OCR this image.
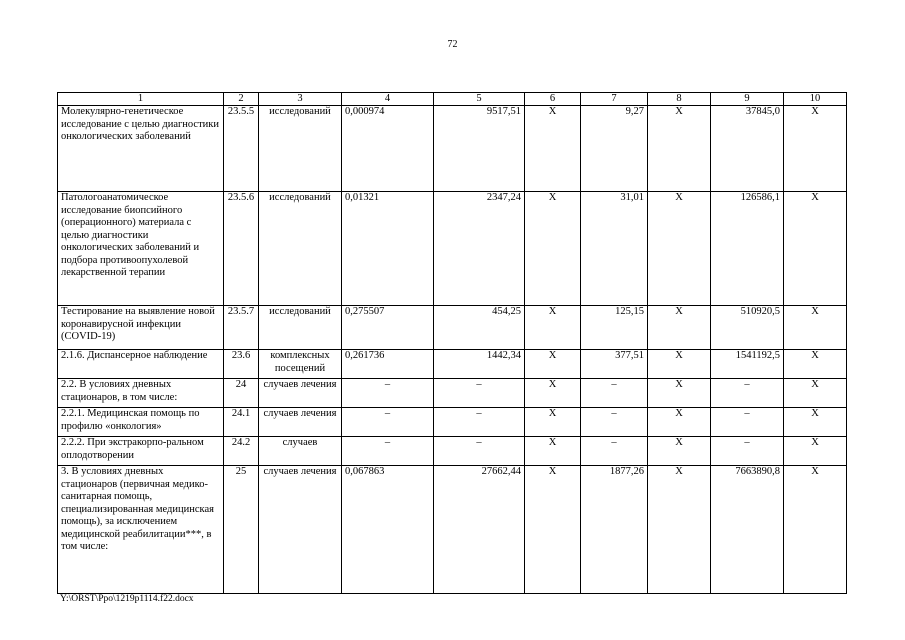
72
1	2	3	4	5	6	7	8	9	10
Молекулярно-генетическое исследование с целью диагностики онкологических заболеваний	23.5.5	исследований	0,000974	9517,51	Х	9,27	Х	37845,0	Х
Патологоанатомическое исследование биопсийного (операционного) материала с целью диагностики онкологических заболеваний и подбора противоопухолевой лекарственной терапии	23.5.6	исследований	0,01321	2347,24	Х	31,01	Х	126586,1	Х
Тестирование на выявление новой коронавирусной инфекции (COVID-19)	23.5.7	исследований	0,275507	454,25	Х	125,15	Х	510920,5	Х
2.1.6. Диспансерное наблюдение	23.6	комплексных посещений	0,261736	1442,34	Х	377,51	Х	1541192,5	Х
2.2. В условиях дневных стационаров, в том числе:	24	случаев лечения	–	–	Х	–	Х	–	Х
2.2.1. Медицинская помощь по профилю «онкология»	24.1	случаев лечения	–	–	Х	–	Х	–	Х
2.2.2. При экстракорпо-ральном оплодотворении	24.2	случаев	–	–	Х	–	Х	–	Х
3. В условиях дневных стационаров (первичная медико-санитарная помощь, специализированная медицинская помощь), за исключением медицинской реабилитации***, в том числе:	25	случаев лечения	0,067863	27662,44	Х	1877,26	Х	7663890,8	Х
Y:\ORST\Ppo\1219p1114.f22.docx
